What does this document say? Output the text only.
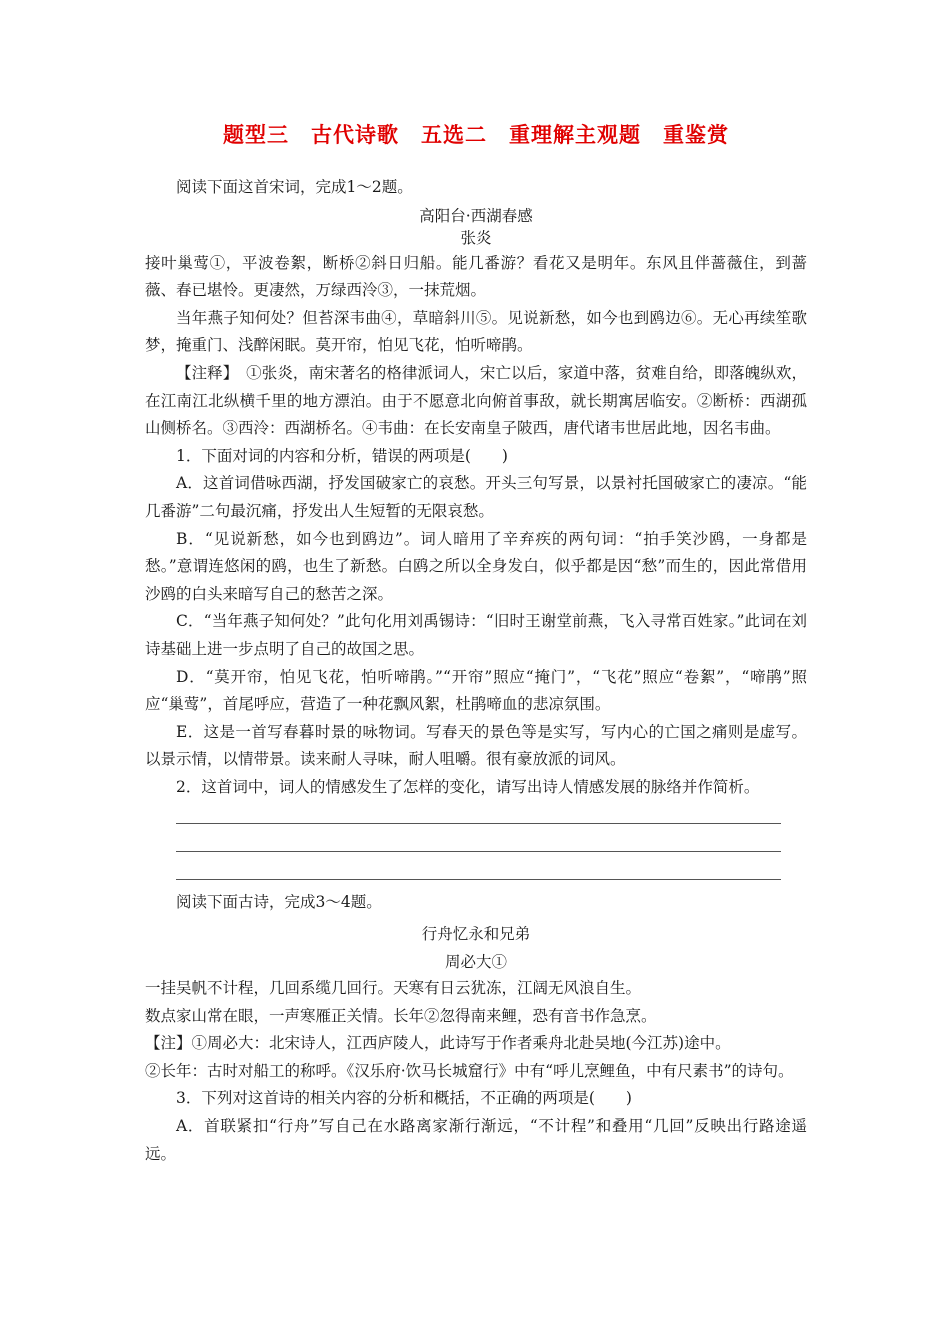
题型三　古代诗歌　五选二　重理解主观题　重鉴赏

阅读下面这首宋词，完成1～2题。

高阳台·西湖春感

张炎

接叶巢莺①，平波卷絮，断桥②斜日归船。能几番游？看花又是明年。东风且伴蔷薇住，到蔷薇、春已堪怜。更凄然，万绿西泠③，一抹荒烟。

当年燕子知何处？但苔深韦曲④，草暗斜川⑤。见说新愁，如今也到鸥边⑥。无心再续笙歌梦，掩重门、浅醉闲眠。莫开帘，怕见飞花，怕听啼鹃。

【注释】　①张炎，南宋著名的格律派词人，宋亡以后，家道中落，贫难自给，即落魄纵欢，在江南江北纵横千里的地方漂泊。由于不愿意北向俯首事敌，就长期寓居临安。②断桥：西湖孤山侧桥名。③西泠：西湖桥名。④韦曲：在长安南皇子陂西，唐代诸韦世居此地，因名韦曲。

1．下面对词的内容和分析，错误的两项是(　　)

A．这首词借咏西湖，抒发国破家亡的哀愁。开头三句写景，以景衬托国破家亡的凄凉。“能几番游”二句最沉痛，抒发出人生短暂的无限哀愁。

B．“见说新愁，如今也到鸥边”。词人暗用了辛弃疾的两句词：“拍手笑沙鸥，一身都是愁。”意谓连悠闲的鸥，也生了新愁。白鸥之所以全身发白，似乎都是因“愁”而生的，因此常借用沙鸥的白头来暗写自己的愁苦之深。

C．“当年燕子知何处？”此句化用刘禹锡诗：“旧时王谢堂前燕，飞入寻常百姓家。”此词在刘诗基础上进一步点明了自己的故国之思。

D．“莫开帘，怕见飞花，怕听啼鹃。”“开帘”照应“掩门”，“飞花”照应“卷絮”，“啼鹃”照应“巢莺”，首尾呼应，营造了一种花飘风絮，杜鹃啼血的悲凉氛围。

E．这是一首写春暮时景的咏物词。写春天的景色等是实写，写内心的亡国之痛则是虚写。以景示情，以情带景。读来耐人寻味，耐人咀嚼。很有豪放派的词风。

2．这首词中，词人的情感发生了怎样的变化，请写出诗人情感发展的脉络并作简析。

阅读下面古诗，完成3～4题。

行舟忆永和兄弟

周必大①

一挂吴帆不计程，几回系缆几回行。天寒有日云犹冻，江阔无风浪自生。

数点家山常在眼，一声寒雁正关情。长年②忽得南来鲤，恐有音书作急烹。

【注】①周必大：北宋诗人，江西庐陵人，此诗写于作者乘舟北赴吴地(今江苏)途中。

②长年：古时对船工的称呼。《汉乐府·饮马长城窟行》中有“呼儿烹鲤鱼，中有尺素书”的诗句。

3．下列对这首诗的相关内容的分析和概括，不正确的两项是(　　)

A．首联紧扣“行舟”写自己在水路离家渐行渐远，“不计程”和叠用“几回”反映出行路途遥远。
